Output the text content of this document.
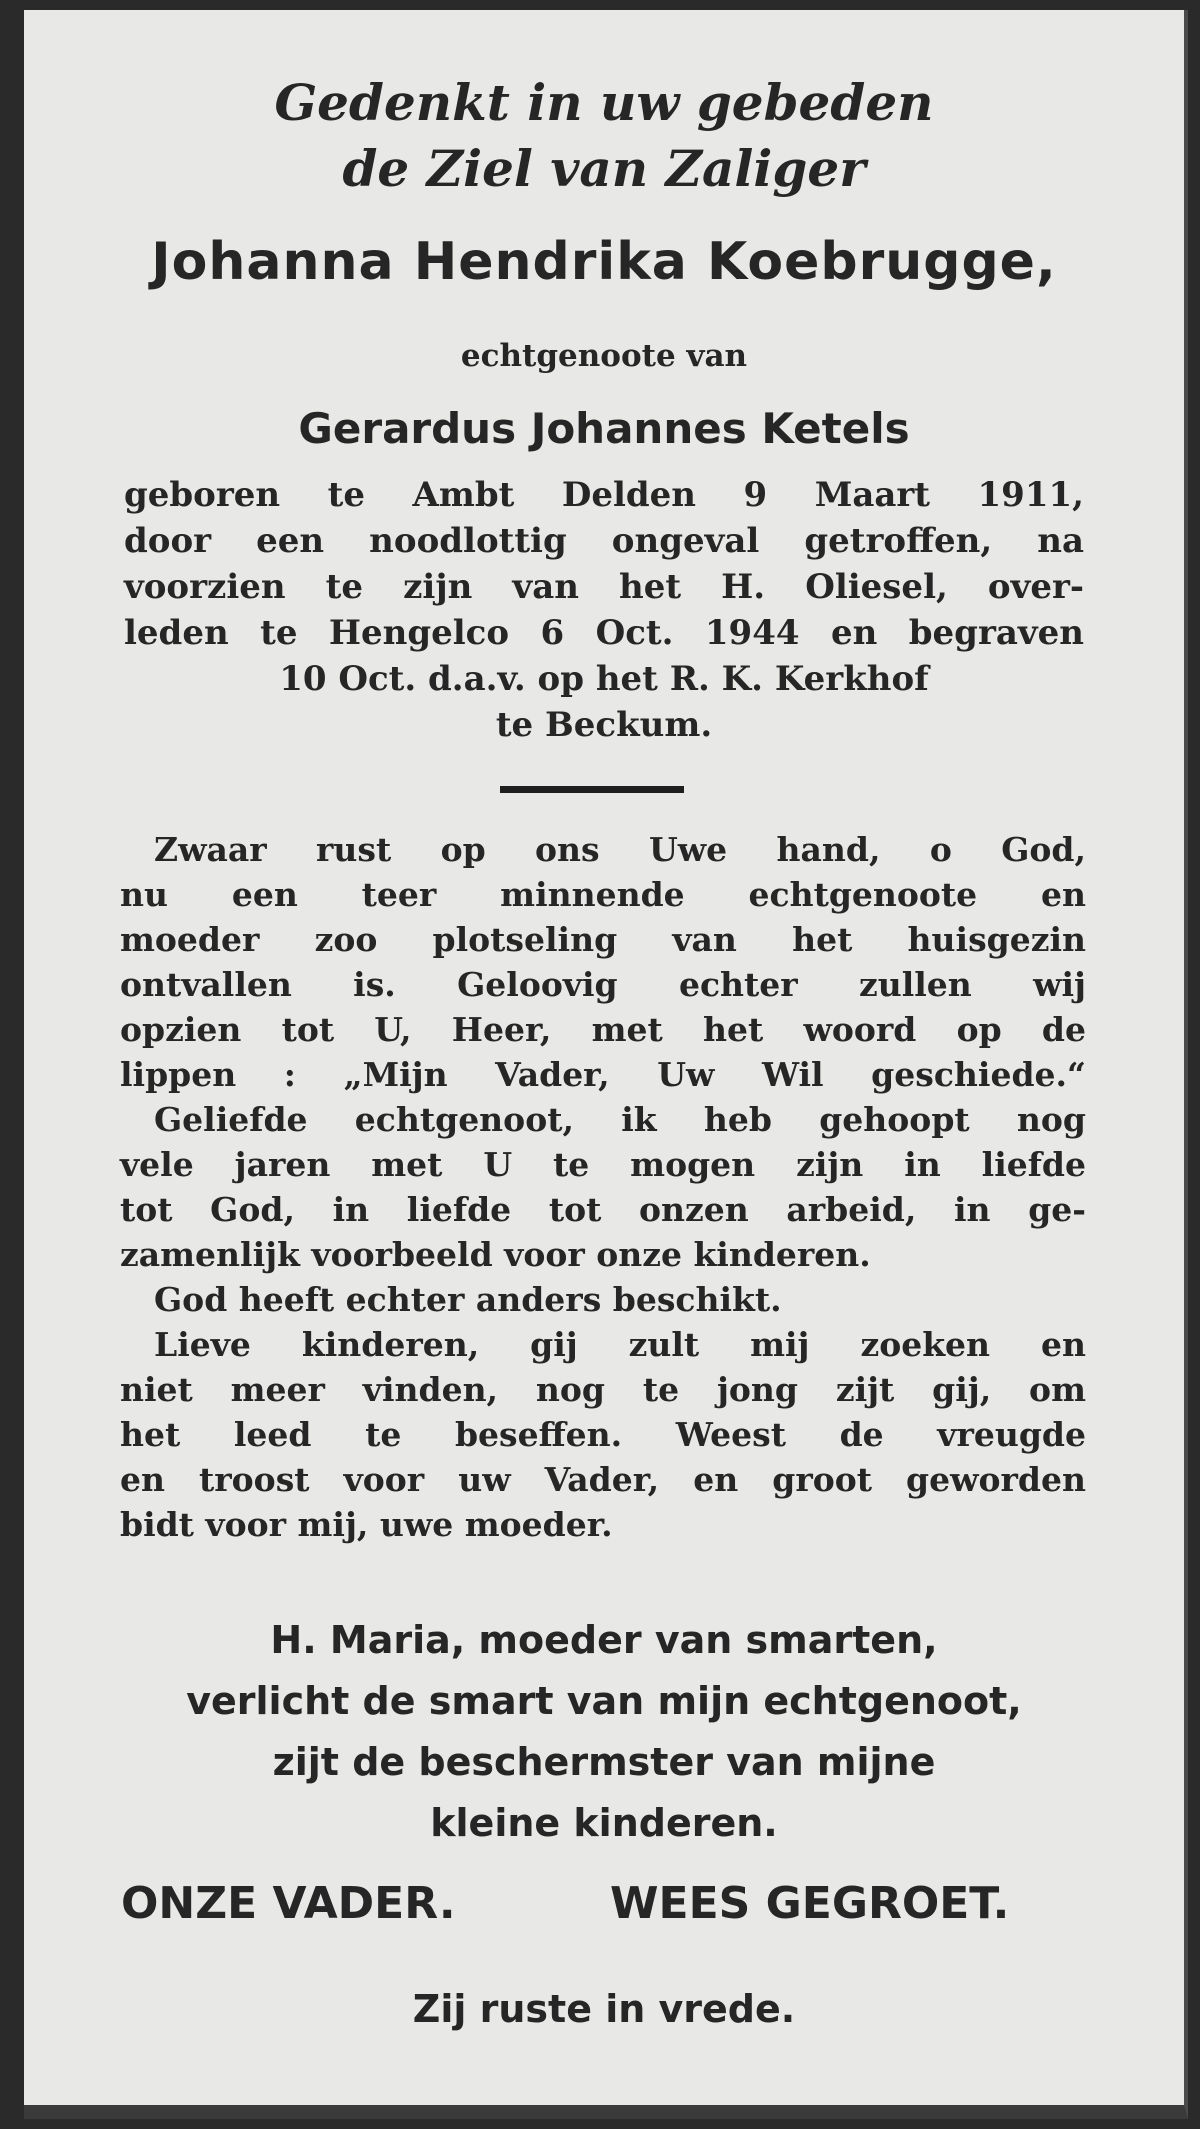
Gedenkt in uw gebeden
de Ziel van Zaliger
Johanna Hendrika Koebrugge,
echtgenoote van
Gerardus Johannes Ketels
geboren te Ambt Delden 9 Maart 1911,
door een noodlottig ongeval getroffen, na
voorzien te zijn van het H. Oliesel, over-
leden te Hengelco 6 Oct. 1944 en begraven
10 Oct. d.a.v. op het R. K. Kerkhof
te Beckum.
Zwaar rust op ons Uwe hand, o God,
nu een teer minnende echtgenoote en
moeder zoo plotseling van het huisgezin
ontvallen is. Geloovig echter zullen wij
opzien tot U, Heer, met het woord op de
lippen : „Mijn Vader, Uw Wil geschiede.“
Geliefde echtgenoot, ik heb gehoopt nog
vele jaren met U te mogen zijn in liefde
tot God, in liefde tot onzen arbeid, in ge-
zamenlijk voorbeeld voor onze kinderen.
God heeft echter anders beschikt.
Lieve kinderen, gij zult mij zoeken en
niet meer vinden, nog te jong zijt gij, om
het leed te beseffen. Weest de vreugde
en troost voor uw Vader, en groot geworden
bidt voor mij, uwe moeder.
H. Maria, moeder van smarten,
verlicht de smart van mijn echtgenoot,
zijt de beschermster van mijne
kleine kinderen.
ONZE VADER.	WEES GEGROET.
Zij ruste in vrede.
